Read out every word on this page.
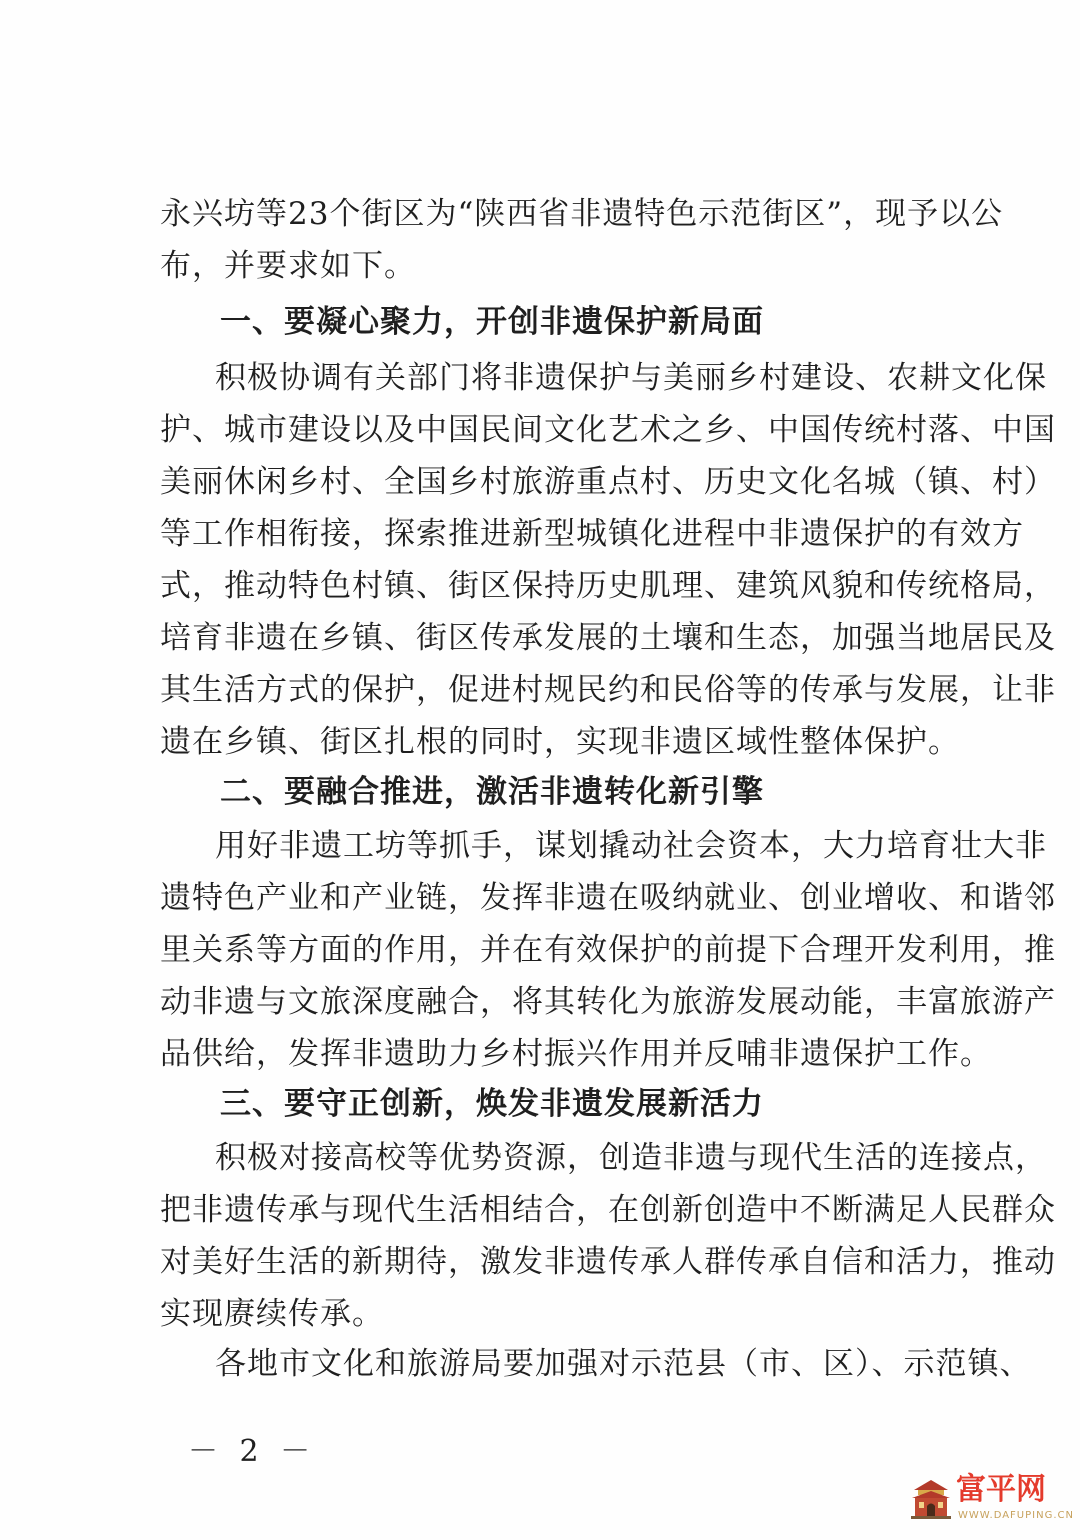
永兴坊等23个街区为“陕西省非遗特色示范街区”，现予以公
布，并要求如下。
一、要凝心聚力，开创非遗保护新局面
积极协调有关部门将非遗保护与美丽乡村建设、农耕文化保
护、城市建设以及中国民间文化艺术之乡、中国传统村落、中国
美丽休闲乡村、全国乡村旅游重点村、历史文化名城（镇、村）
等工作相衔接，探索推进新型城镇化进程中非遗保护的有效方
式，推动特色村镇、街区保持历史肌理、建筑风貌和传统格局，
培育非遗在乡镇、街区传承发展的土壤和生态，加强当地居民及
其生活方式的保护，促进村规民约和民俗等的传承与发展，让非
遗在乡镇、街区扎根的同时，实现非遗区域性整体保护。
二、要融合推进，激活非遗转化新引擎
用好非遗工坊等抓手，谋划撬动社会资本，大力培育壮大非
遗特色产业和产业链，发挥非遗在吸纳就业、创业增收、和谐邻
里关系等方面的作用，并在有效保护的前提下合理开发利用，推
动非遗与文旅深度融合，将其转化为旅游发展动能，丰富旅游产
品供给，发挥非遗助力乡村振兴作用并反哺非遗保护工作。
三、要守正创新，焕发非遗发展新活力
积极对接高校等优势资源，创造非遗与现代生活的连接点，
把非遗传承与现代生活相结合，在创新创造中不断满足人民群众
对美好生活的新期待，激发非遗传承人群传承自信和活力，推动
实现赓续传承。
各地市文化和旅游局要加强对示范县（市、区）、示范镇、
－ 2 －
富平网
WWW.DAFUPING.CN
